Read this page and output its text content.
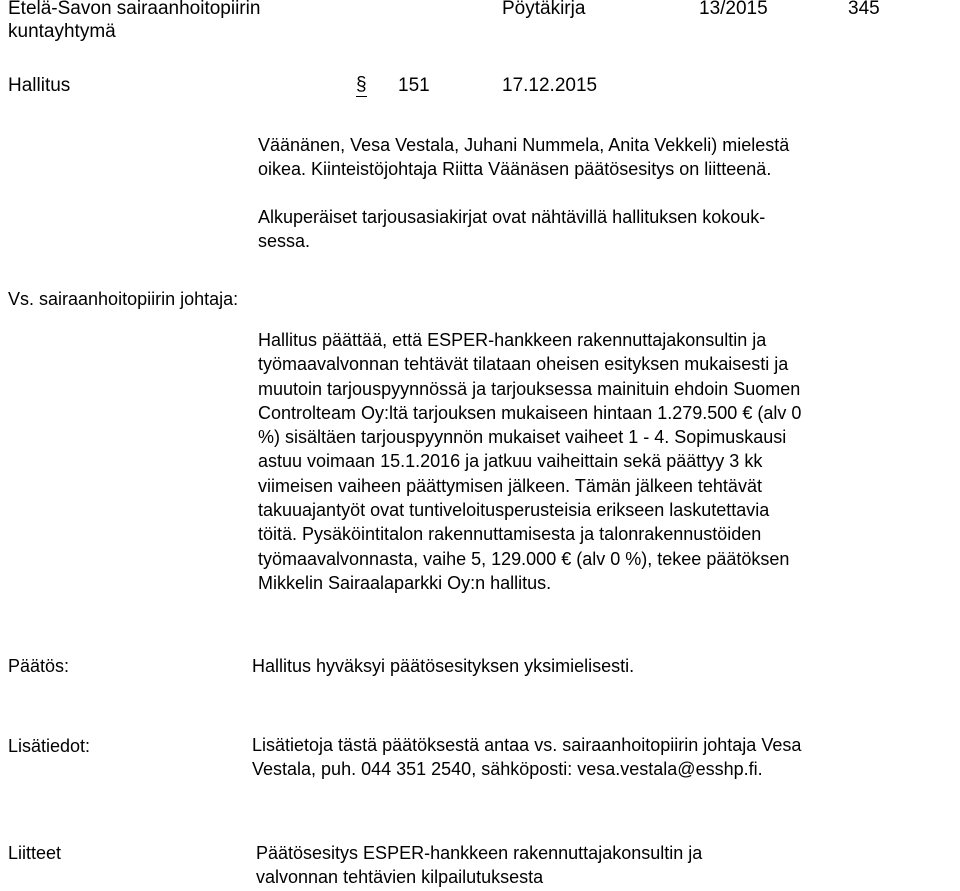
Etelä-Savon sairaanhoitopiirin
kuntayhtymä
Pöytäkirja	13/2015	345
Hallitus	§ 151	17.12.2015
Väänänen, Vesa Vestala, Juhani Nummela, Anita Vekkeli) mielestä
oikea. Kiinteistöjohtaja Riitta Väänäsen päätösesitys on liitteenä.
Alkuperäiset tarjousasiakirjat ovat nähtävillä hallituksen kokouk-
sessa.
Vs. sairaanhoitopiirin johtaja:
Hallitus päättää, että ESPER-hankkeen rakennuttajakonsultin ja
työmaavalvonnan tehtävät tilataan oheisen esityksen mukaisesti ja
muutoin tarjouspyynnössä ja tarjouksessa mainituin ehdoin Suomen
Controlteam Oy:ltä tarjouksen mukaiseen hintaan 1.279.500 € (alv 0
%) sisältäen tarjouspyynnön mukaiset vaiheet 1 - 4. Sopimuskausi
astuu voimaan 15.1.2016 ja jatkuu vaiheittain sekä päättyy 3 kk
viimeisen vaiheen päättymisen jälkeen. Tämän jälkeen tehtävät
takuuajantyöt ovat tuntiveloitusperusteisia erikseen laskutettavia
töitä. Pysäköintitalon rakennuttamisesta ja talonrakennustöiden
työmaavalvonnasta, vaihe 5, 129.000 € (alv 0 %), tekee päätöksen
Mikkelin Sairaalaparkki Oy:n hallitus.
Päätös:	Hallitus hyväksyi päätösesityksen yksimielisesti.
Lisätiedot:	Lisätietoja tästä päätöksestä antaa vs. sairaanhoitopiirin johtaja Vesa
Vestala, puh. 044 351 2540, sähköposti: vesa.vestala@esshp.fi.
Liitteet	Päätösesitys ESPER-hankkeen rakennuttajakonsultin ja
valvonnan tehtävien kilpailutuksesta
